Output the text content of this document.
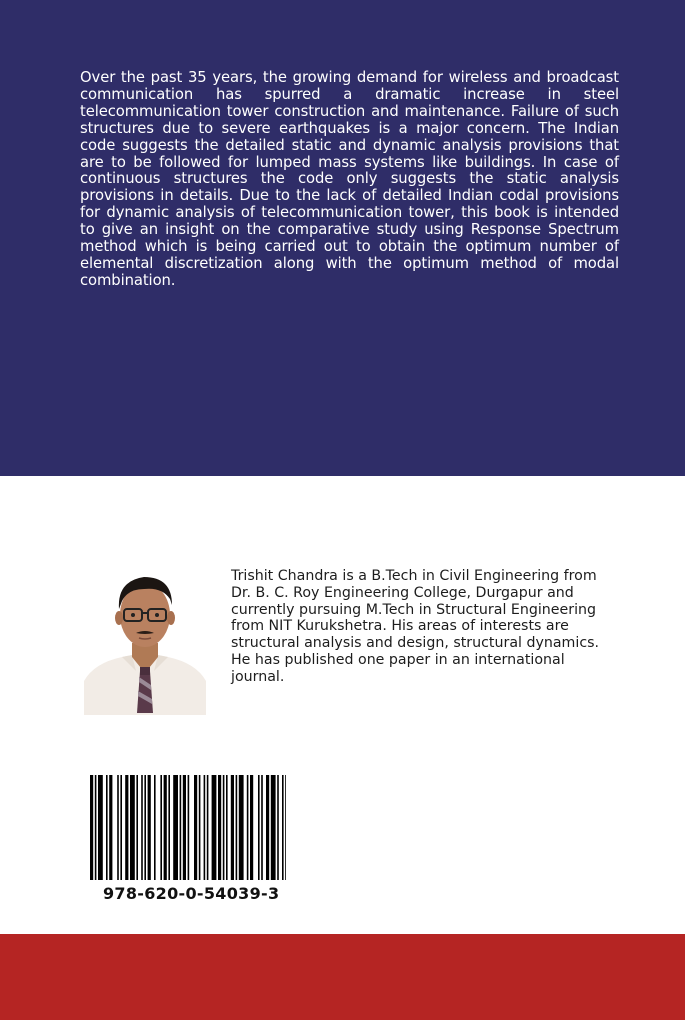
Over the past 35 years, the growing demand for wireless and broadcast communication has spurred a dramatic increase in steel telecommunication tower construction and maintenance. Failure of such structures due to severe earthquakes is a major concern. The Indian code suggests the detailed static and dynamic analysis provisions that are to be followed for lumped mass systems like buildings. In case of continuous structures the code only suggests the static analysis provisions in details. Due to the lack of detailed Indian codal provisions for dynamic analysis of telecommunication tower, this book is intended to give an insight on the comparative study using Response Spectrum method which is being carried out to obtain the optimum number of elemental discretization along with the optimum method of modal combination.

Trishit Chandra is a B.Tech in Civil Engineering from Dr. B. C. Roy Engineering College, Durgapur and currently pursuing M.Tech in Structural Engineering from NIT Kurukshetra. His areas of interests are structural analysis and design, structural dynamics. He has published one paper in an international journal.

978-620-0-54039-3
